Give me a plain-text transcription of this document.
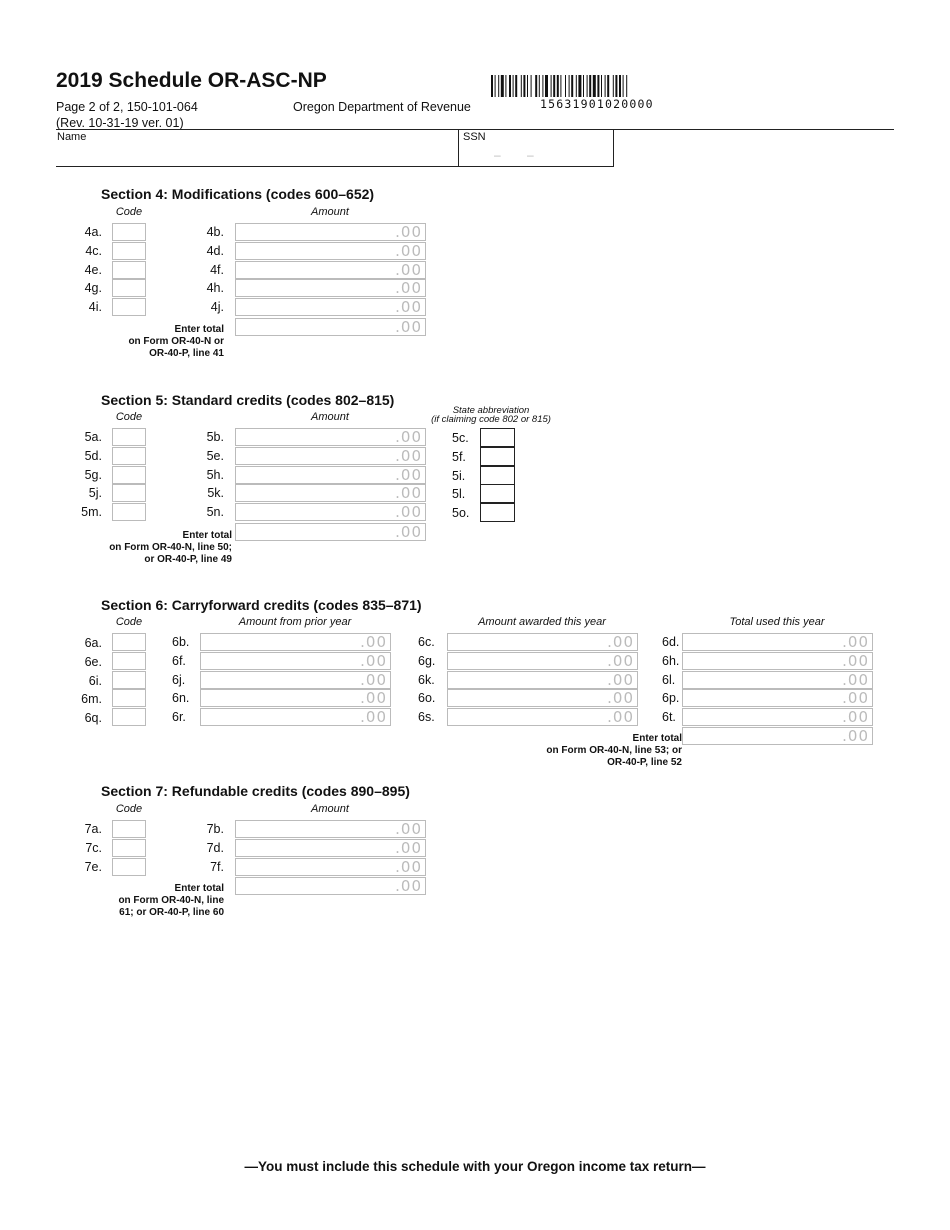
2019 Schedule OR-ASC-NP
Page 2 of 2, 150-101-064
(Rev. 10-31-19 ver. 01)
Oregon Department of Revenue	15631901020000
Name	SSN
– –
Section 4: Modifications (codes 600–652)
Code	Amount
4a.	4b.	.00
4c.	4d.	.00
4e.	4f.	.00
4g.	4h.	.00
4i.	4j.	.00
Enter total
on Form OR-40-N or
OR-40-P, line 41
.00
Section 5: Standard credits (codes 802–815)
Code	Amount
State abbreviation
(if claiming code 802 or 815)
5a.	5b.	.00 5c.
5d.	5e.	.00 5f.
5g.	5h.	.00 5i.
5j.	5k.	.00 5l.
5m.	5n.	.00 5o.
Enter total
on Form OR-40-N, line 50;
or OR-40-P, line 49
.00
Section 6: Carryforward credits (codes 835–871)
Code	Amount from prior year	Amount awarded this year	Total used this year
6a.	6b.	.00 6c.	.00 6d.	.00
6e.	6f.	.00 6g.	.00 6h.	.00
6i.	6j.	.00 6k.	.00 6l.	.00
6m.	6n.	.00 6o.	.00 6p.	.00
6q.	6r.	.00 6s.	.00 6t.	.00
Enter total
on Form OR-40-N, line 53; or
OR-40-P, line 52
.00
Section 7: Refundable credits (codes 890–895)
Code	Amount
7a.	7b.	.00
7c.	7d.	.00
7e.	7f.	.00
Enter total
on Form OR-40-N, line
61; or OR-40-P, line 60
.00
—You must include this schedule with your Oregon income tax return—
